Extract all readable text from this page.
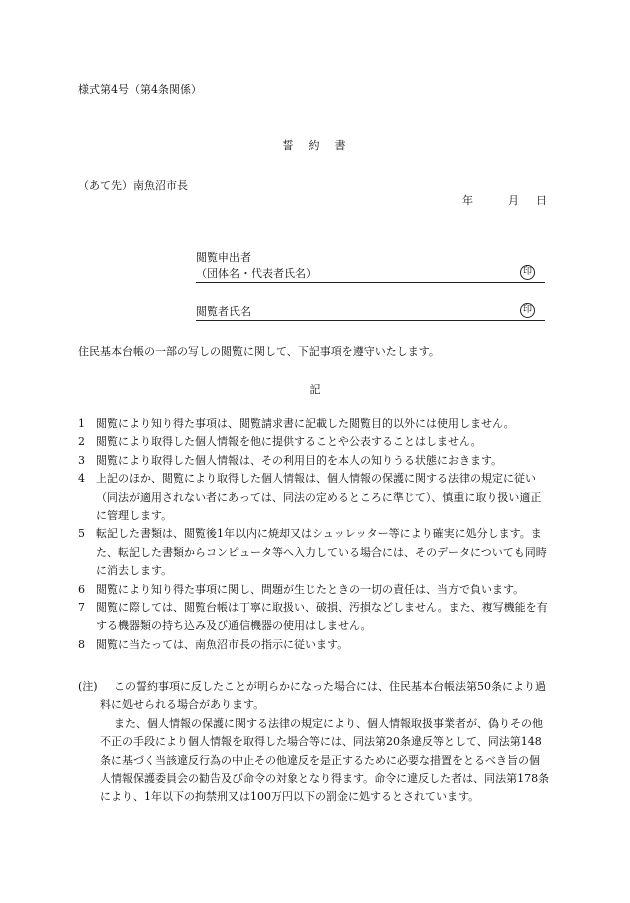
様式第4号（第4条関係）
誓　約　書
（あて先）南魚沼市長
年	月 日
閲覧申出者
（団体名・代表者氏名）	印
閲覧者氏名	印
住民基本台帳の一部の写しの閲覧に関して、下記事項を遵守いたします。
記
1 閲覧により知り得た事項は、閲覧請求書に記載した閲覧目的以外には使用しません。
2 閲覧により取得した個人情報を他に提供することや公表することはしません。
3 閲覧により取得した個人情報は、その利用目的を本人の知りうる状態におきます。
4 上記のほか、閲覧により取得した個人情報は、個人情報の保護に関する法律の規定に従い（同法が適用されない者にあっては、同法の定めるところに準じて）、慎重に取り扱い適正に管理します。
5 転記した書類は、閲覧後1年以内に焼却又はシュッレッター等により確実に処分します。また、転記した書類からコンピュータ等へ入力している場合には、そのデータについても同時に消去します。
6 閲覧により知り得た事項に関し、問題が生じたときの一切の責任は、当方で負います。
7 閲覧に際しては、閲覧台帳は丁寧に取扱い、破損、汚損などしません。また、複写機能を有する機器類の持ち込み及び通信機器の使用はしません。
8 閲覧に当たっては、南魚沼市長の指示に従います。
(注)	この誓約事項に反したことが明らかになった場合には、住民基本台帳法第50条により過料に処せられる場合があります。

また、個人情報の保護に関する法律の規定により、個人情報取扱事業者が、偽りその他不正の手段により個人情報を取得した場合等には、同法第20条違反等として、同法第148条に基づく当該違反行為の中止その他違反を是正するために必要な措置をとるべき旨の個人情報保護委員会の勧告及び命令の対象となり得ます。命令に違反した者は、同法第178条により、1年以下の拘禁刑又は100万円以下の罰金に処するとされています。
